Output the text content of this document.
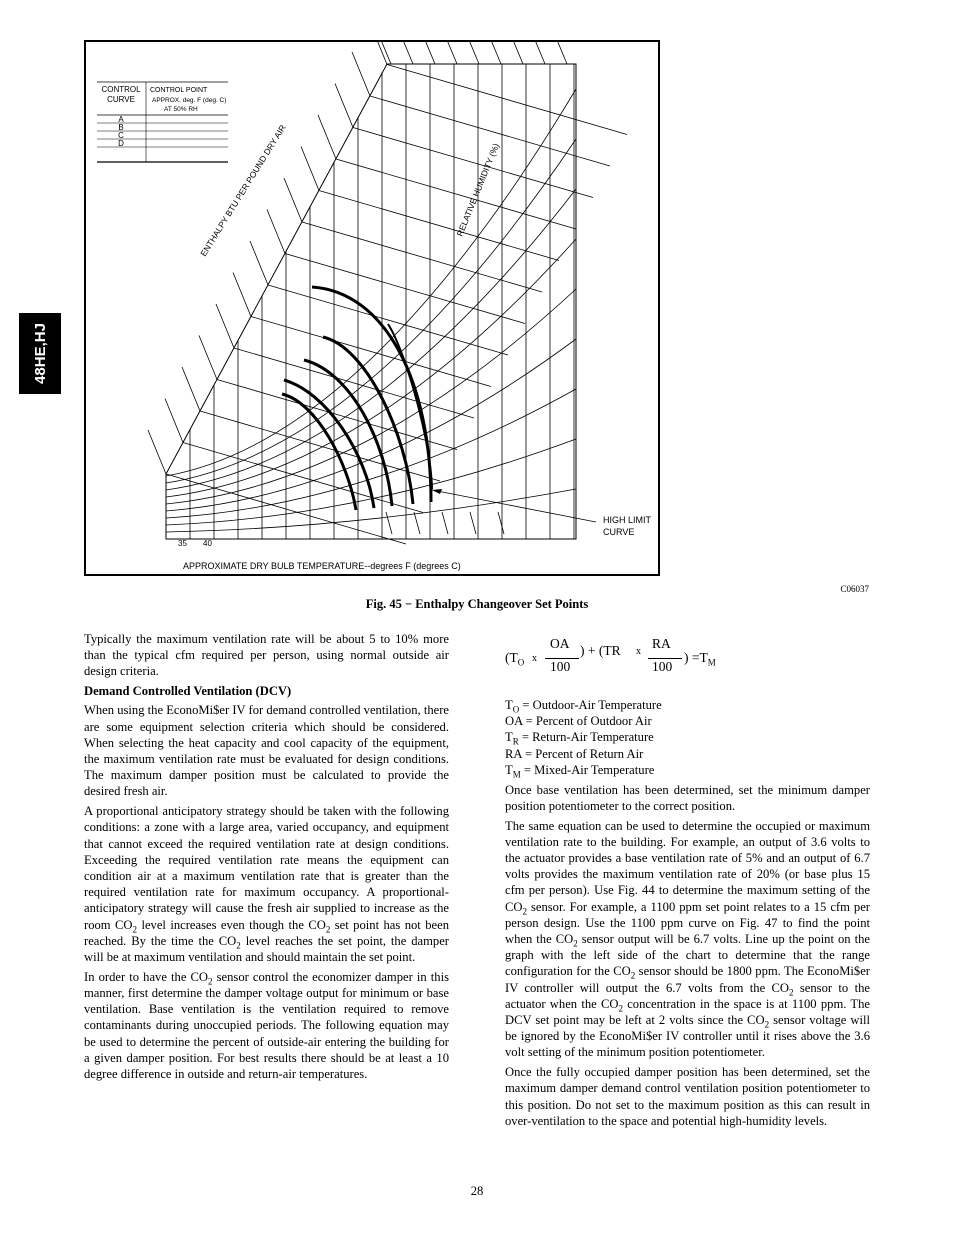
48HE,HJ
CONTROL
CURVE
CONTROL POINT
APPROX. deg. F (deg. C)
AT 50% RH
A
B
C
D	ENTHALPY BTU PER POUND DRY AIR	RELATIVE HUMIDITY (%)
HIGH LIMIT
CURVE
35 40
APPROXIMATE DRY BULB TEMPERATURE--degrees F (degrees C)
C06037
Fig. 45 − Enthalpy Changeover Set Points

Typically the maximum ventilation rate will be about 5 to 10% more than the typical cfm required per person, using normal outside air design criteria.

Demand Controlled Ventilation (DCV)

When using the EconoMi$er IV for demand controlled ventilation, there are some equipment selection criteria which should be considered. When selecting the heat capacity and cool capacity of the equipment, the maximum ventilation rate must be evaluated for design conditions. The maximum damper position must be calculated to provide the desired fresh air.

A proportional anticipatory strategy should be taken with the following conditions: a zone with a large area, varied occupancy, and equipment that cannot exceed the required ventilation rate at design conditions. Exceeding the required ventilation rate means the equipment can condition air at a maximum ventilation rate that is greater than the required ventilation rate for maximum occupancy. A proportional-anticipatory strategy will cause the fresh air supplied to increase as the room $CO_2$ level increases even though the $CO_2$ set point has not been reached. By the time the $CO_2$ level reaches the set point, the damper will be at maximum ventilation and should maintain the set point.

In order to have the $CO_2$ sensor control the economizer damper in this manner, first determine the damper voltage output for minimum or base ventilation. Base ventilation is the ventilation required to remove contaminants during unoccupied periods. The following equation may be used to determine the percent of outside-air entering the building for a given damper position. For best results there should be at least a 10 degree difference in outside and return-air temperatures.

($T_O$ x
OA
100
) + (TR x
RA
100
) $=T_M$

$T_O$ = Outdoor-Air Temperature

OA = Percent of Outdoor Air

$T_R$ = Return-Air Temperature

RA = Percent of Return Air

$T_M$ = Mixed-Air Temperature

Once base ventilation has been determined, set the minimum damper position potentiometer to the correct position.

The same equation can be used to determine the occupied or maximum ventilation rate to the building. For example, an output of 3.6 volts to the actuator provides a base ventilation rate of 5% and an output of 6.7 volts provides the maximum ventilation rate of 20% (or base plus 15 cfm per person). Use Fig. 44 to determine the maximum setting of the $CO_2$ sensor. For example, a 1100 ppm set point relates to a 15 cfm per person design. Use the 1100 ppm curve on Fig. 47 to find the point when the $CO_2$ sensor output will be 6.7 volts. Line up the point on the graph with the left side of the chart to determine that the range configuration for the $CO_2$ sensor should be 1800 ppm. The EconoMi$er IV controller will output the 6.7 volts from the $CO_2$ sensor to the actuator when the $CO_2$ concentration in the space is at 1100 ppm. The DCV set point may be left at 2 volts since the $CO_2$ sensor voltage will be ignored by the EconoMi$er IV controller until it rises above the 3.6 volt setting of the minimum position potentiometer.

Once the fully occupied damper position has been determined, set the maximum damper demand control ventilation position potentiometer to this position. Do not set to the maximum position as this can result in over-ventilation to the space and potential high-humidity levels.

28
